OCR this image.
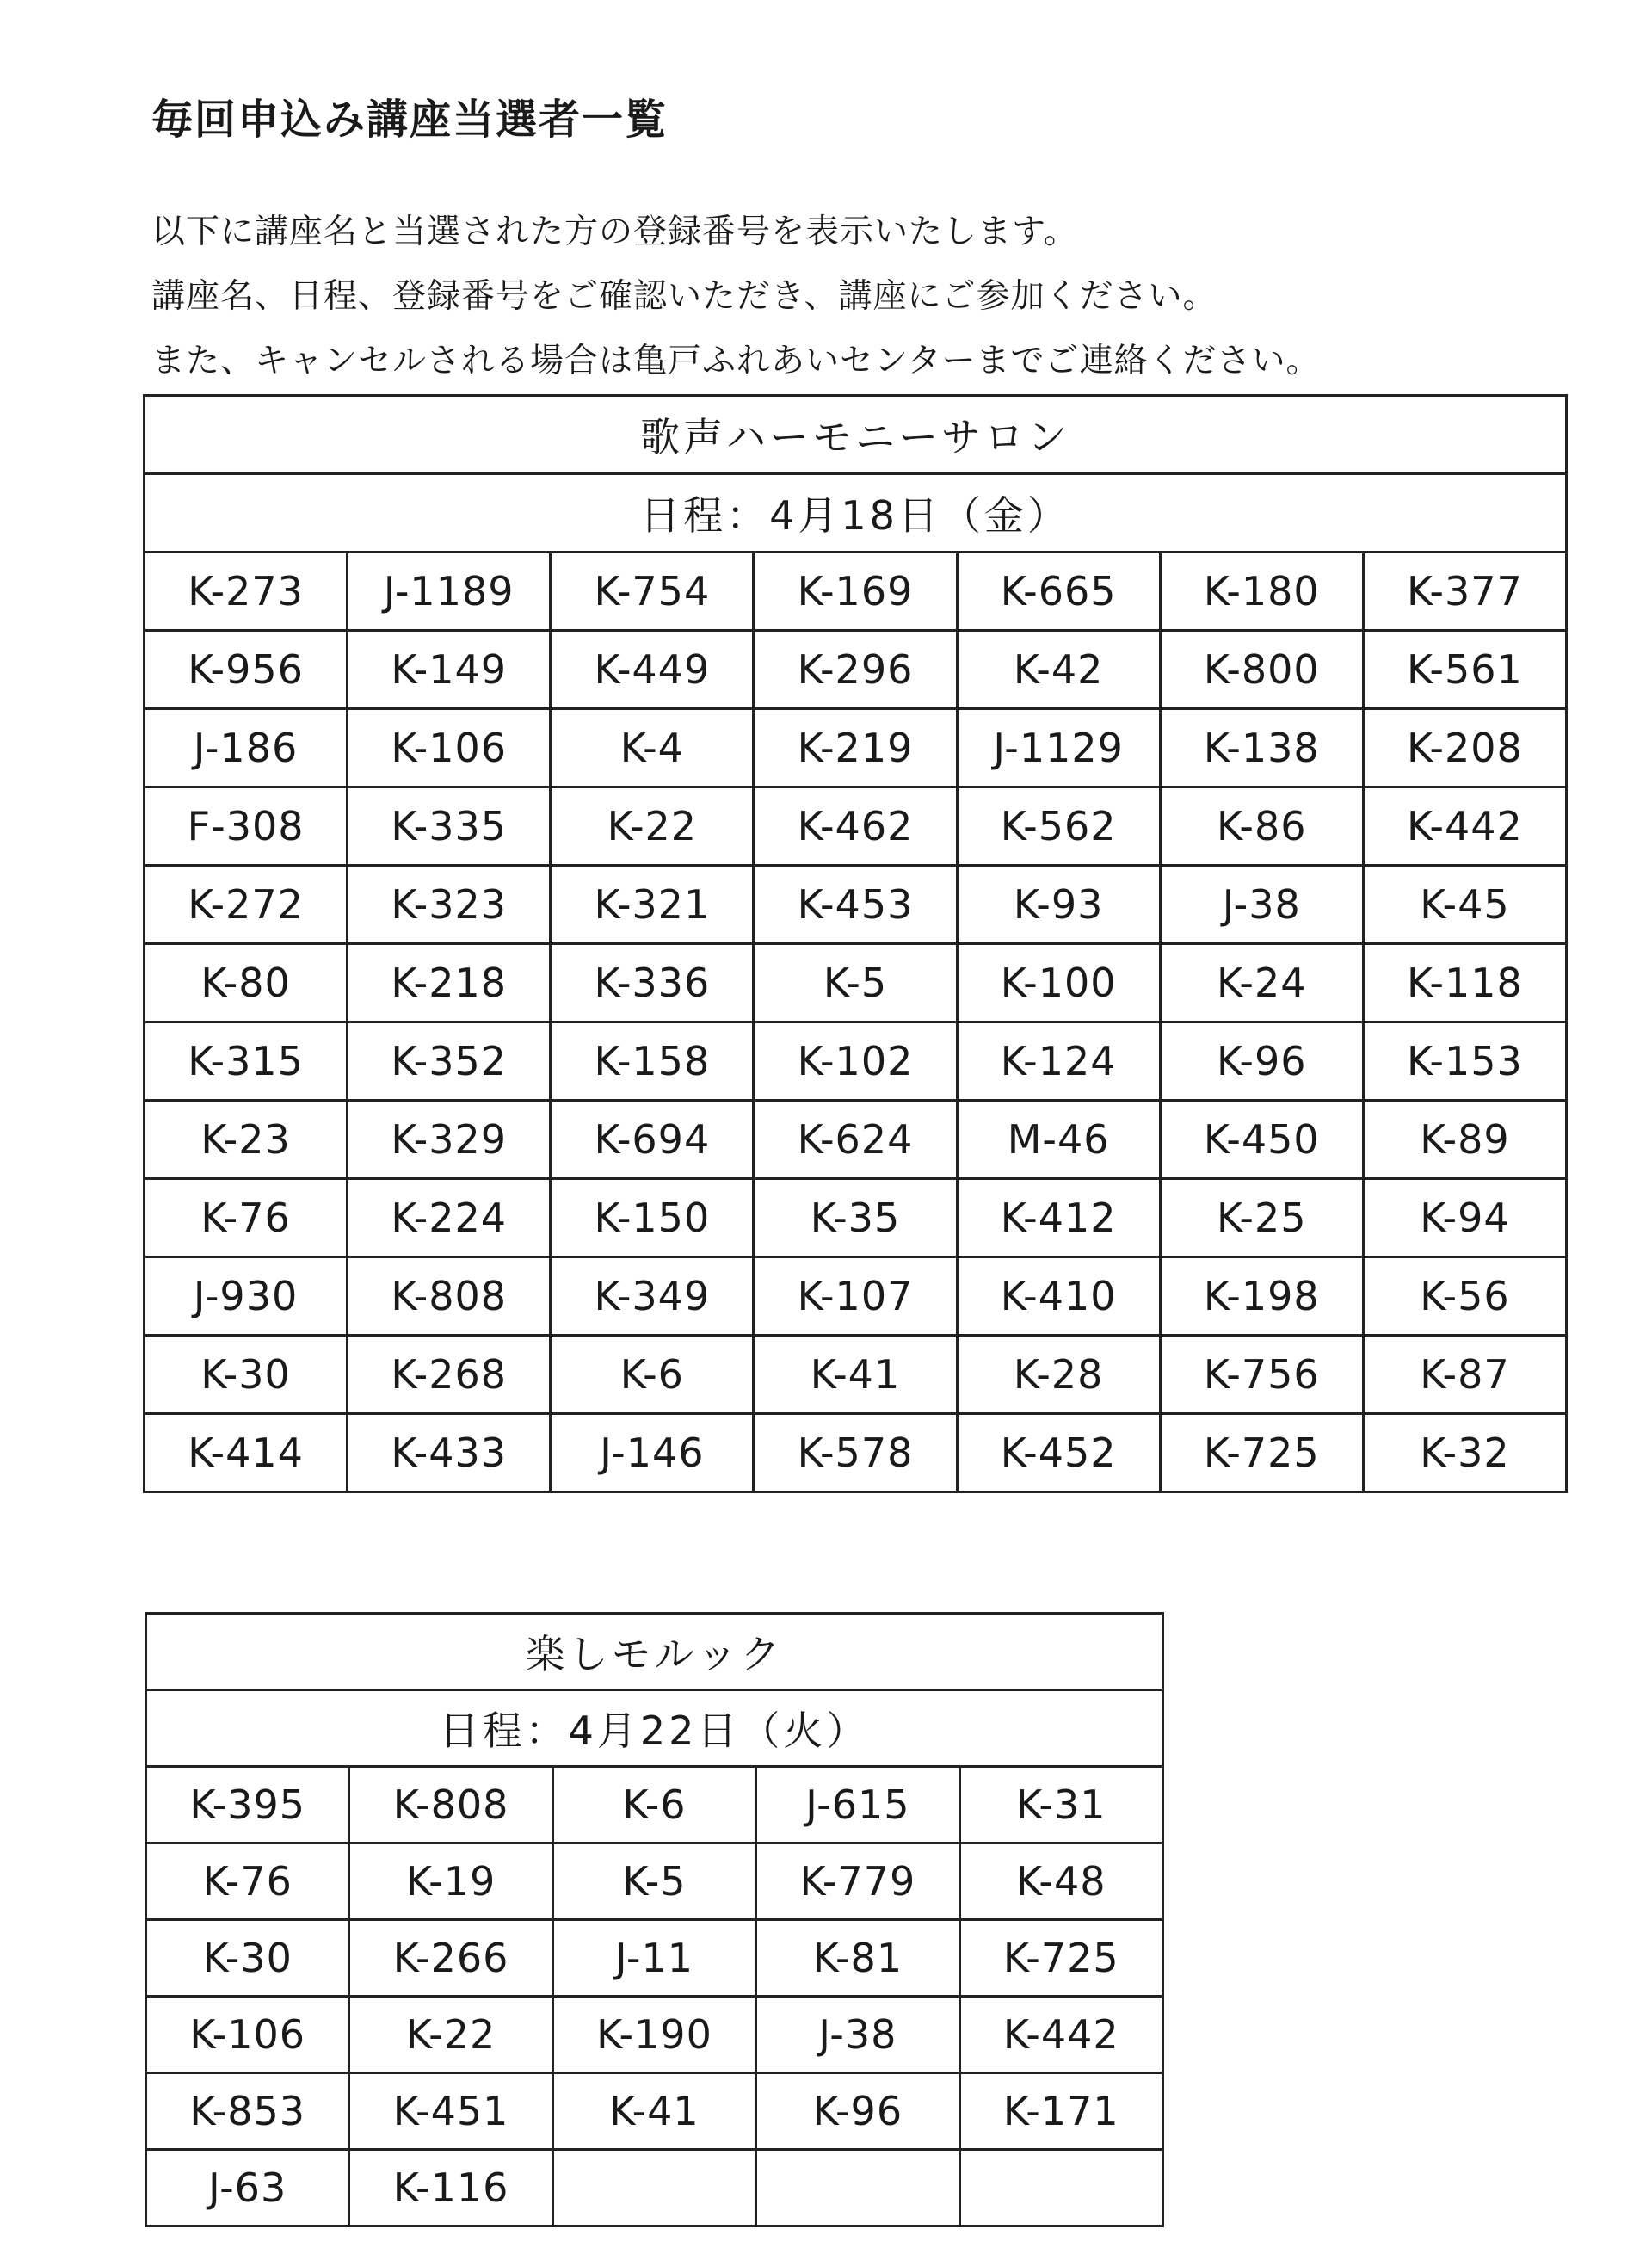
毎回申込み講座当選者一覧
以下に講座名と当選された方の登録番号を表示いたします。
講座名、日程、登録番号をご確認いただき、講座にご参加ください。
また、キャンセルされる場合は亀戸ふれあいセンターまでご連絡ください。
歌声ハーモニーサロン						
日程：4月18日（金）						
K-273	J-1189	K-754	K-169	K-665	K-180	K-377
K-956	K-149	K-449	K-296	K-42	K-800	K-561
J-186	K-106	K-4	K-219	J-1129	K-138	K-208
F-308	K-335	K-22	K-462	K-562	K-86	K-442
K-272	K-323	K-321	K-453	K-93	J-38	K-45
K-80	K-218	K-336	K-5	K-100	K-24	K-118
K-315	K-352	K-158	K-102	K-124	K-96	K-153
K-23	K-329	K-694	K-624	M-46	K-450	K-89
K-76	K-224	K-150	K-35	K-412	K-25	K-94
J-930	K-808	K-349	K-107	K-410	K-198	K-56
K-30	K-268	K-6	K-41	K-28	K-756	K-87
K-414	K-433	J-146	K-578	K-452	K-725	K-32
楽しモルック				
日程：4月22日（火）				
K-395	K-808	K-6	J-615	K-31
K-76	K-19	K-5	K-779	K-48
K-30	K-266	J-11	K-81	K-725
K-106	K-22	K-190	J-38	K-442
K-853	K-451	K-41	K-96	K-171
J-63	K-116			
